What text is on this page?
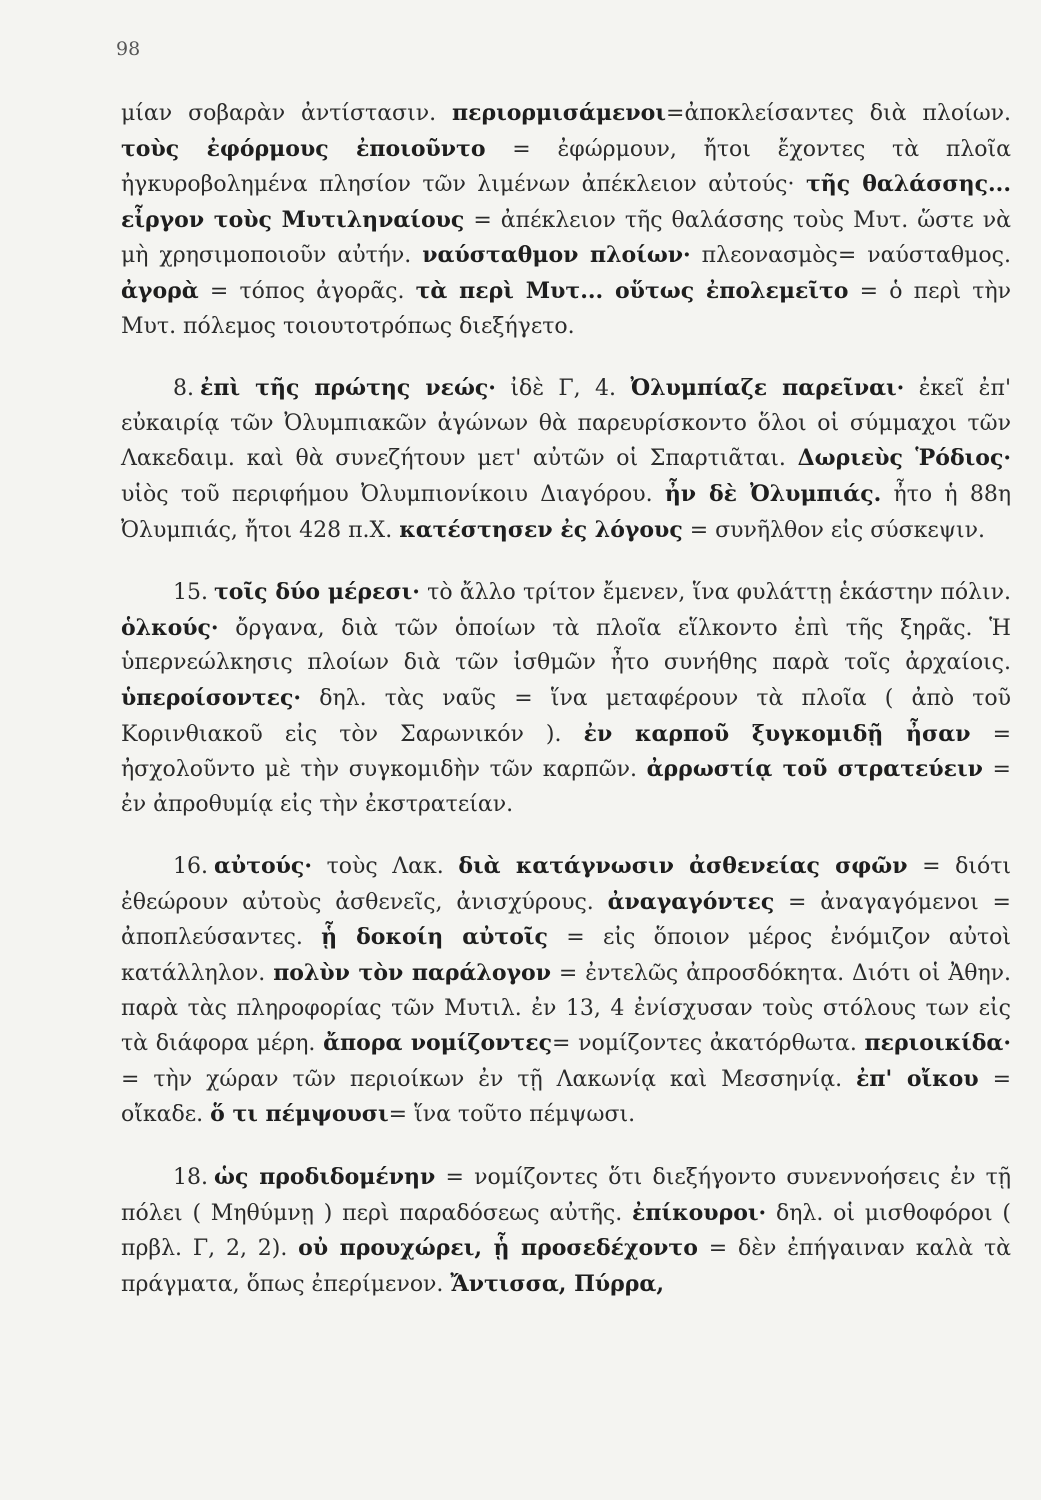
98

μίαν σοβαρὰν ἀντίστασιν. περιορμισάμενοι=ἀποκλείσαντες διὰ πλοίων. τοὺς ἐφόρμους ἐποιοῦντο = ἐφώρμουν, ἤτοι ἔχοντες τὰ πλοῖα ἠγκυροβολημένα πλησίον τῶν λιμένων ἀπέκλειον αὐτούς· τῆς θαλάσσης... εἶργον τοὺς Μυτιληναίους = ἀπέκλειον τῆς θαλάσσης τοὺς Μυτ. ὥστε νὰ μὴ χρησιμοποιοῦν αὐτήν. ναύσταθμον πλοίων· πλεονασμὸς= ναύσταθμος. ἀγορὰ = τόπος ἀγορᾶς. τὰ περὶ Μυτ... οὕτως ἐπολεμεῖτο = ὁ περὶ τὴν Μυτ. πόλεμος τοιουτοτρόπως διεξήγετο.

8. ἐπὶ τῆς πρώτης νεώς· ἰδὲ Γ, 4. Ὀλυμπίαζε παρεῖναι· ἐκεῖ ἐπ' εὐκαιρίᾳ τῶν Ὀλυμπιακῶν ἀγώνων θὰ παρευρίσκοντο ὅλοι οἱ σύμμαχοι τῶν Λακεδαιμ. καὶ θὰ συνεζήτουν μετ' αὐτῶν οἱ Σπαρτιᾶται. Δωριεὺς Ῥόδιος· υἱὸς τοῦ περιφήμου Ὀλυμπιονίκοιυ Διαγόρου. ἦν δὲ Ὀλυμπιάς. ἦτο ἡ 88η Ὀλυμπιάς, ἤτοι 428 π.Χ. κατέστησεν ἐς λόγους = συνῆλθον εἰς σύσκεψιν.

15. τοῖς δύο μέρεσι· τὸ ἄλλο τρίτον ἔμενεν, ἵνα φυλάττῃ ἑκάστην πόλιν. ὁλκούς· ὄργανα, διὰ τῶν ὁποίων τὰ πλοῖα εἵλκοντο ἐπὶ τῆς ξηρᾶς. Ἡ ὑπερνεώλκησις πλοίων διὰ τῶν ἰσθμῶν ἦτο συνήθης παρὰ τοῖς ἀρχαίοις. ὑπεροίσοντες· δηλ. τὰς ναῦς = ἵνα μεταφέρουν τὰ πλοῖα ( ἀπὸ τοῦ Κορινθιακοῦ εἰς τὸν Σαρωνικόν ). ἐν καρποῦ ξυγκομιδῇ ἦσαν = ἠσχολοῦντο μὲ τὴν συγκομιδὴν τῶν καρπῶν. ἀρρωστίᾳ τοῦ στρατεύειν = ἐν ἀπροθυμίᾳ εἰς τὴν ἐκστρατείαν.

16. αὐτούς· τοὺς Λακ. διὰ κατάγνωσιν ἀσθενείας σφῶν = διότι ἐθεώρουν αὐτοὺς ἀσθενεῖς, ἀνισχύρους. ἀναγαγόντες = ἀναγαγόμενοι = ἀποπλεύσαντες. ᾗ δοκοίη αὐτοῖς = εἰς ὅποιον μέρος ἐνόμιζον αὐτοὶ κατάλληλον. πολὺν τὸν παράλογον = ἐντελῶς ἀπροσδόκητα. Διότι οἱ Ἀθην. παρὰ τὰς πληροφορίας τῶν Μυτιλ. ἐν 13, 4 ἐνίσχυσαν τοὺς στόλους των εἰς τὰ διάφορα μέρη. ἄπορα νομίζοντες= νομίζοντες ἀκατόρθωτα. περιοικίδα· = τὴν χώραν τῶν περιοίκων ἐν τῇ Λακωνίᾳ καὶ Μεσσηνίᾳ. ἐπ' οἴκου = οἴκαδε. ὅ τι πέμψουσι= ἵνα τοῦτο πέμψωσι.

18. ὡς προδιδομένην = νομίζοντες ὅτι διεξήγοντο συνεννοήσεις ἐν τῇ πόλει ( Μηθύμνῃ ) περὶ παραδόσεως αὐτῆς. ἐπίκουροι· δηλ. οἱ μισθοφόροι ( πρβλ. Γ, 2, 2). οὐ προυχώρει, ᾗ προσεδέχοντο = δὲν ἐπήγαιναν καλὰ τὰ πράγματα, ὅπως ἐπερίμενον. Ἄντισσα, Πύρρα,
